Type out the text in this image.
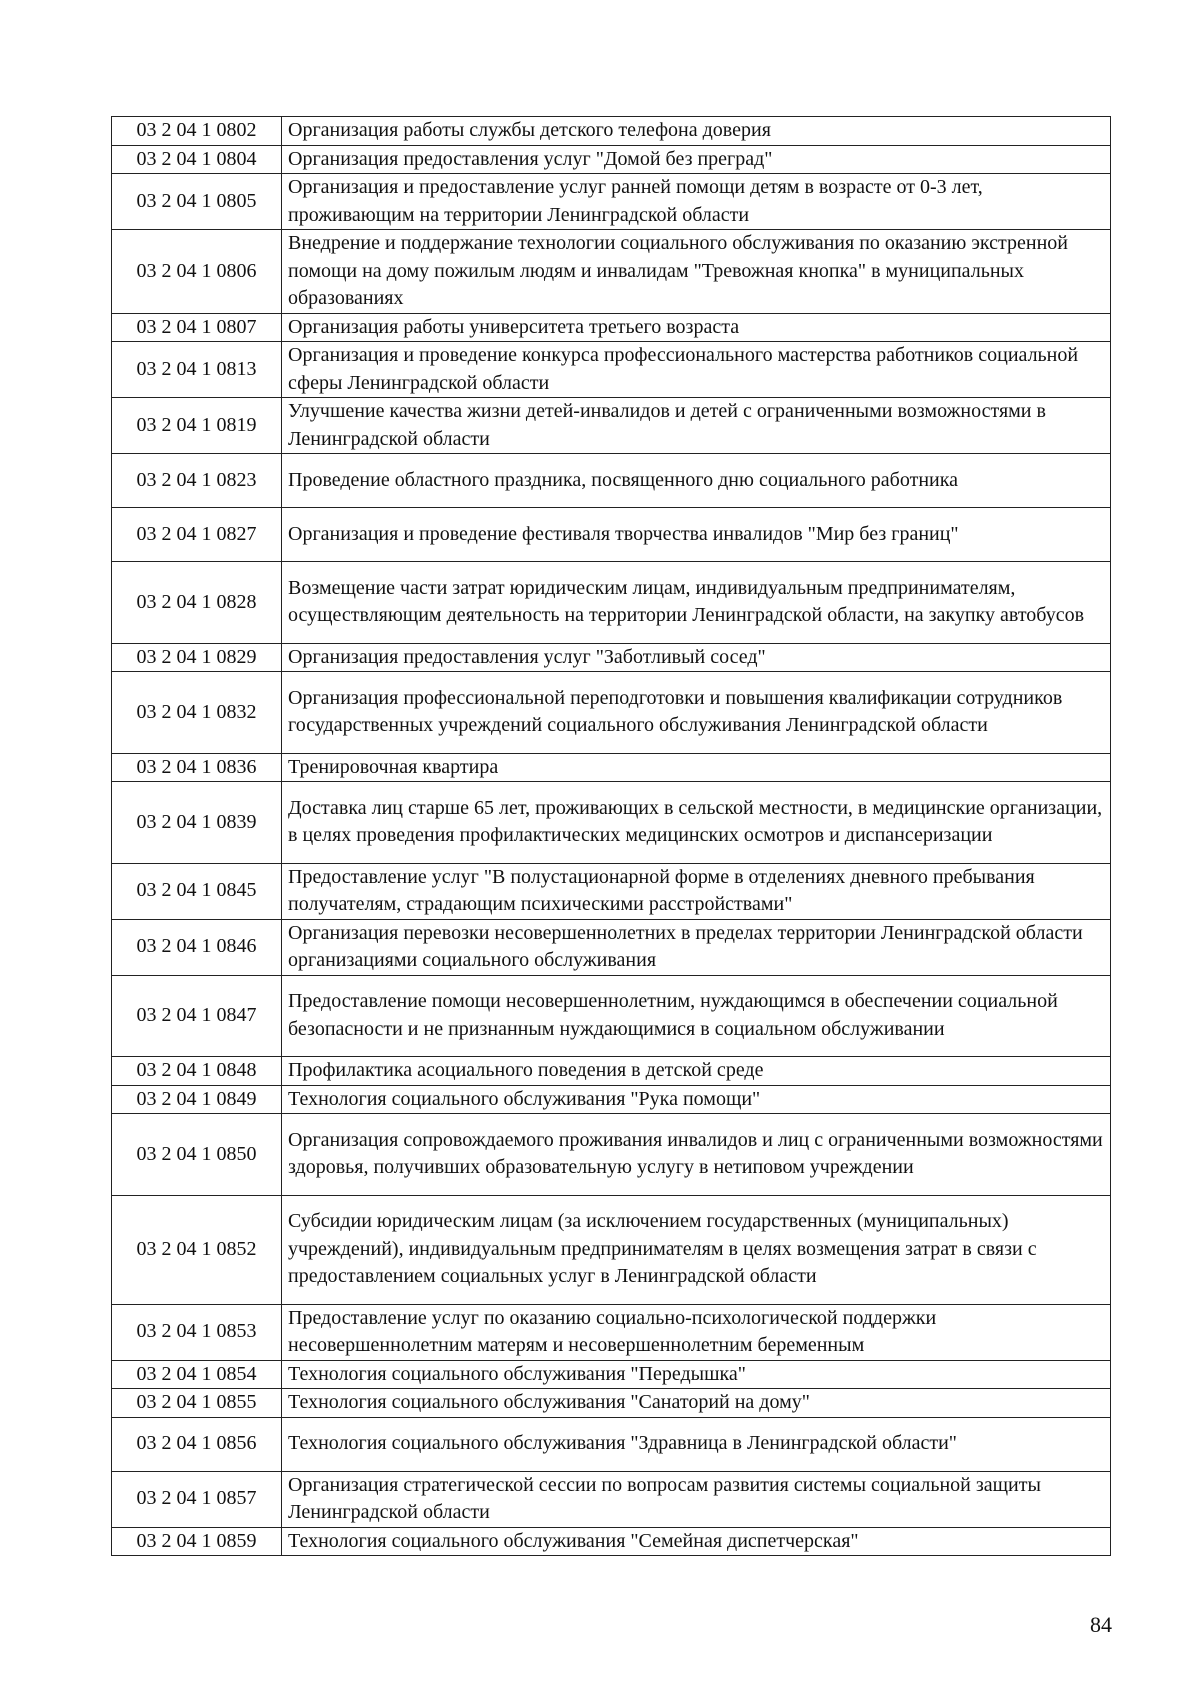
03 2 04 1 0802	Организация работы службы детского телефона доверия
03 2 04 1 0804	Организация предоставления услуг "Домой без преград"
03 2 04 1 0805	Организация и предоставление услуг ранней помощи детям в возрасте от 0-3 лет, проживающим на территории Ленинградской области
03 2 04 1 0806	Внедрение и поддержание технологии социального обслуживания по оказанию экстренной помощи на дому пожилым людям и инвалидам "Тревожная кнопка" в муниципальных образованиях
03 2 04 1 0807	Организация работы университета третьего возраста
03 2 04 1 0813	Организация и проведение конкурса профессионального мастерства работников социальной сферы Ленинградской области
03 2 04 1 0819	Улучшение качества жизни детей-инвалидов и детей с ограниченными возможностями в Ленинградской области
03 2 04 1 0823	Проведение областного праздника, посвященного дню социального работника
03 2 04 1 0827	Организация и проведение фестиваля творчества инвалидов "Мир без границ"
03 2 04 1 0828	Возмещение части затрат юридическим лицам, индивидуальным предпринимателям, осуществляющим деятельность на территории Ленинградской области, на закупку автобусов
03 2 04 1 0829	Организация предоставления услуг "Заботливый сосед"
03 2 04 1 0832	Организация профессиональной переподготовки и повышения квалификации сотрудников государственных учреждений социального обслуживания Ленинградской области
03 2 04 1 0836	Тренировочная квартира
03 2 04 1 0839	Доставка лиц старше 65 лет, проживающих в сельской местности, в медицинские организации, в целях проведения профилактических медицинских осмотров и диспансеризации
03 2 04 1 0845	Предоставление услуг "В полустационарной форме в отделениях дневного пребывания получателям, страдающим психическими расстройствами"
03 2 04 1 0846	Организация перевозки несовершеннолетних в пределах территории Ленинградской области организациями социального обслуживания
03 2 04 1 0847	Предоставление помощи несовершеннолетним, нуждающимся в обеспечении социальной безопасности и не признанным нуждающимися в социальном обслуживании
03 2 04 1 0848	Профилактика асоциального поведения в детской среде
03 2 04 1 0849	Технология социального обслуживания "Рука помощи"
03 2 04 1 0850	Организация сопровождаемого проживания инвалидов и лиц с ограниченными возможностями здоровья, получивших образовательную услугу в нетиповом учреждении
03 2 04 1 0852	Субсидии юридическим лицам (за исключением государственных (муниципальных) учреждений), индивидуальным предпринимателям в целях возмещения затрат в связи с предоставлением социальных услуг в Ленинградской области
03 2 04 1 0853	Предоставление услуг по оказанию социально-психологической поддержки несовершеннолетним матерям и несовершеннолетним беременным
03 2 04 1 0854	Технология социального обслуживания "Передышка"
03 2 04 1 0855	Технология социального обслуживания "Санаторий на дому"
03 2 04 1 0856	Технология социального обслуживания "Здравница в Ленинградской области"
03 2 04 1 0857	Организация стратегической сессии по вопросам развития системы социальной защиты Ленинградской области
03 2 04 1 0859	Технология социального обслуживания "Семейная диспетчерская"
84
